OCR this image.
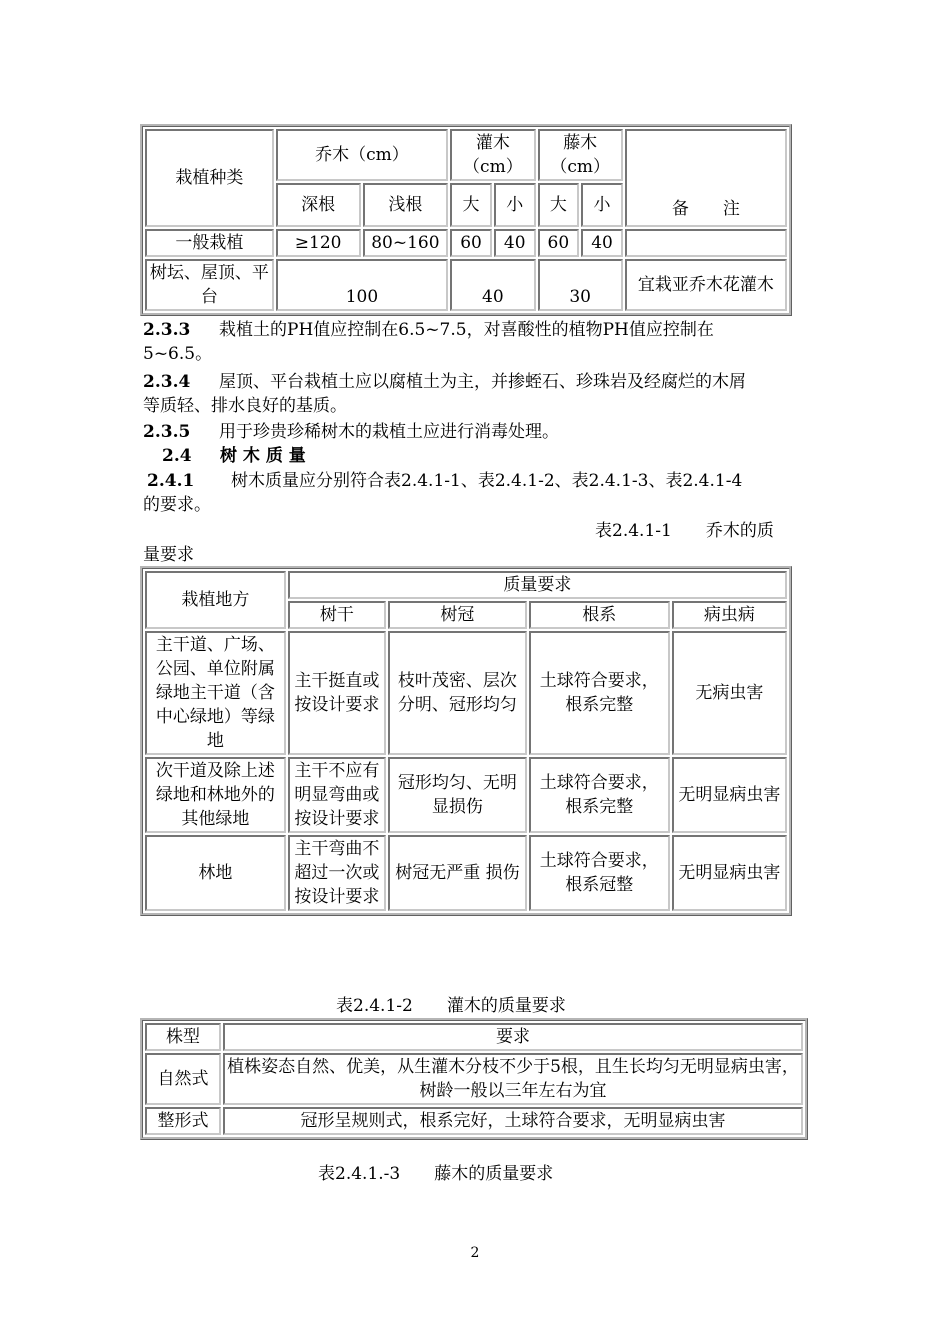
栽植种类	乔木（cm）		灌木（cm）		藤木（cm）		备　　注
	深根	浅根	大	小	大	小	
一般栽植	≥120	80~160	60	40	60	40	
树坛、屋顶、平台	100		40		30		宜栽亚乔木花灌木
2.3.3 栽植土的PH值应控制在6.5~7.5，对喜酸性的植物PH值应控制在
5~6.5。
2.3.4 屋顶、平台栽植土应以腐植土为主，并掺蛭石、珍珠岩及经腐烂的木屑
等质轻、排水良好的基质。
2.3.5 用于珍贵珍稀树木的栽植土应进行消毒处理。
2.4 树 木 质 量
2.4.1 树木质量应分别符合表2.4.1-1、表2.4.1-2、表2.4.1-3、表2.4.1-4
的要求。
表2.4.1-1　　乔木的质
量要求
栽植地方	质量要求			
	树干	树冠	根系	病虫病
主干道、广场、公园、单位附属绿地主干道（含中心绿地）等绿地	主干挺直或按设计要求	枝叶茂密、层次分明、冠形均匀	土球符合要求，根系完整	无病虫害
次干道及除上述绿地和林地外的其他绿地	主干不应有明显弯曲或按设计要求	冠形均匀、无明显损伤	土球符合要求，根系完整	无明显病虫害
林地	主干弯曲不超过一次或按设计要求	树冠无严重 损伤	土球符合要求，根系冠整	无明显病虫害
表2.4.1-2　　灌木的质量要求
株型	要求
自然式	植株姿态自然、优美，从生灌木分枝不少于5根，且生长均匀无明显病虫害，树龄一般以三年左右为宜
整形式	冠形呈规则式，根系完好，土球符合要求，无明显病虫害
表2.4.1.-3　　藤木的质量要求
2
